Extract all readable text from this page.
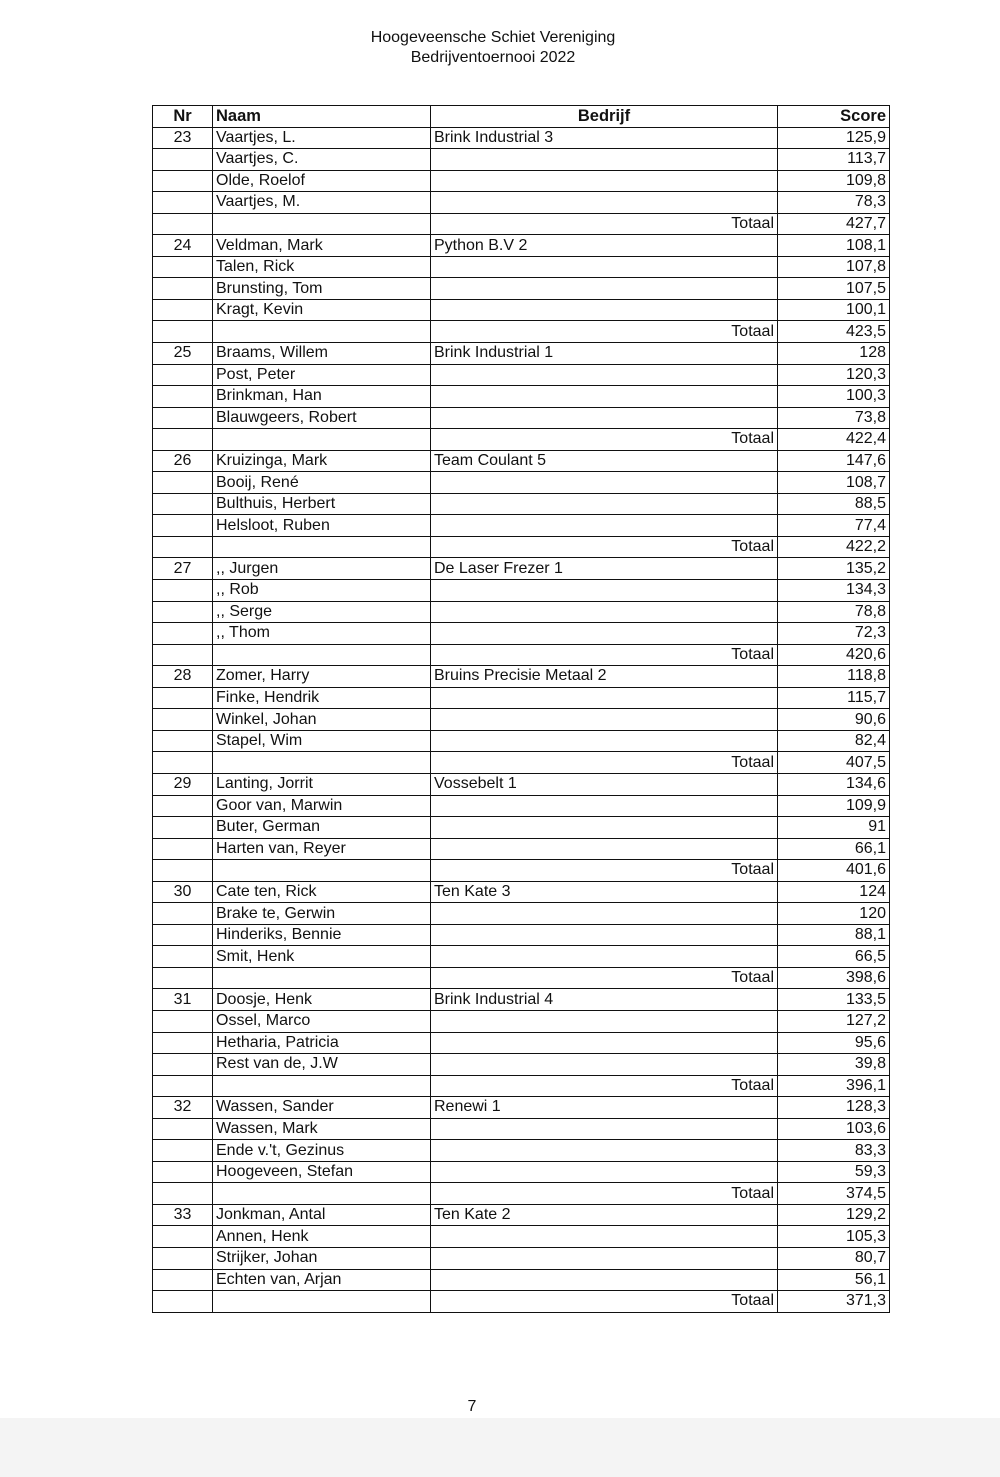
Hoogeveensche Schiet Vereniging
Bedrijventoernooi 2022
Nr	Naam	Bedrijf	Score
23	Vaartjes, L.	Brink Industrial 3	125,9
	Vaartjes, C.		113,7
	Olde, Roelof		109,8
	Vaartjes, M.		78,3

		Totaal	427,7
24	Veldman, Mark	Python B.V 2	108,1
	Talen, Rick		107,8
	Brunsting, Tom		107,5
	Kragt, Kevin		100,1

		Totaal	423,5
25	Braams, Willem	Brink Industrial 1	128
	Post, Peter		120,3
	Brinkman, Han		100,3
	Blauwgeers, Robert		73,8

		Totaal	422,4
26	Kruizinga, Mark	Team Coulant 5	147,6
	Booij, René		108,7
	Bulthuis, Herbert		88,5
	Helsloot, Ruben		77,4

		Totaal	422,2
27	,, Jurgen	De Laser Frezer 1	135,2
	,, Rob		134,3
	,, Serge		78,8
	,, Thom		72,3

		Totaal	420,6
28	Zomer, Harry	Bruins Precisie Metaal 2	118,8
	Finke, Hendrik		115,7
	Winkel, Johan		90,6
	Stapel, Wim		82,4

		Totaal	407,5
29	Lanting, Jorrit	Vossebelt 1	134,6
	Goor van, Marwin		109,9
	Buter, German		91
	Harten van, Reyer		66,1

		Totaal	401,6
30	Cate ten, Rick	Ten Kate 3	124
	Brake te, Gerwin		120
	Hinderiks, Bennie		88,1
	Smit, Henk		66,5

		Totaal	398,6
31	Doosje, Henk	Brink Industrial 4	133,5
	Ossel, Marco		127,2
	Hetharia, Patricia		95,6
	Rest van de, J.W		39,8

		Totaal	396,1
32	Wassen, Sander	Renewi 1	128,3
	Wassen, Mark		103,6
	Ende v.'t, Gezinus		83,3
	Hoogeveen, Stefan		59,3

		Totaal	374,5
33	Jonkman, Antal	Ten Kate 2	129,2
	Annen, Henk		105,3
	Strijker, Johan		80,7
	Echten van, Arjan		56,1

		Totaal	371,3
7
